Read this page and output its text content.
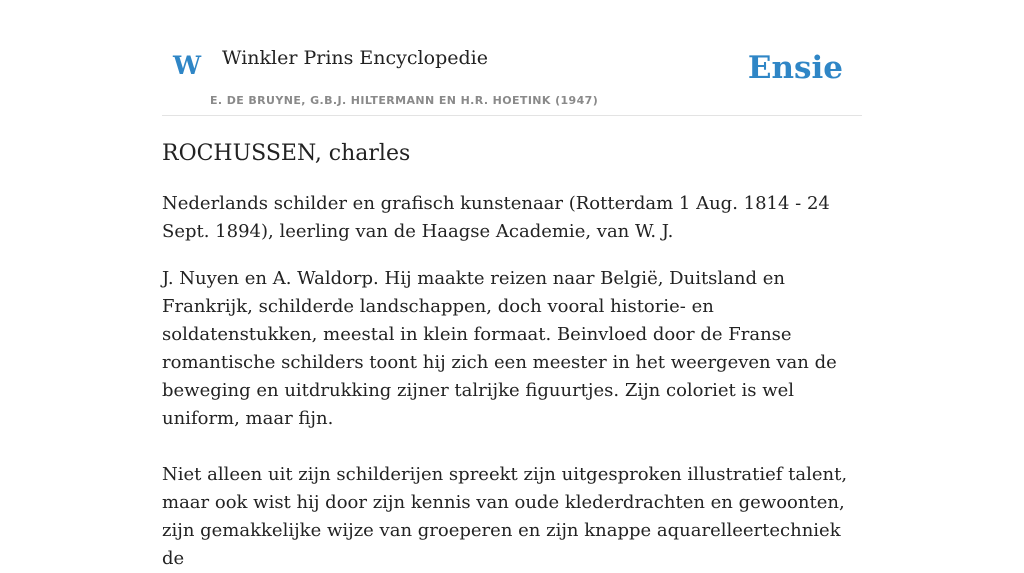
W Winkler Prins Encyclopedie
E. DE BRUYNE, G.B.J. HILTERMANN EN H.R. HOETINK (1947)
Ensie
ROCHUSSEN, charles

Nederlands schilder en grafisch kunstenaar (Rotterdam 1 Aug. 1814 - 24 Sept. 1894), leerling van de Haagse Academie, van W. J.

J. Nuyen en A. Waldorp. Hij maakte reizen naar België, Duitsland en Frankrijk, schilderde landschappen, doch vooral historie- en soldatenstukken, meestal in klein formaat. Beinvloed door de Franse romantische schilders toont hij zich een meester in het weergeven van de beweging en uitdrukking zijner talrijke figuurtjes. Zijn coloriet is wel uniform, maar fijn.

Niet alleen uit zijn schilderijen spreekt zijn uitgesproken illustratief talent, maar ook wist hij door zijn kennis van oude klederdrachten en gewoonten, zijn gemakkelijke wijze van groeperen en zijn knappe aquarelleertechniek de
